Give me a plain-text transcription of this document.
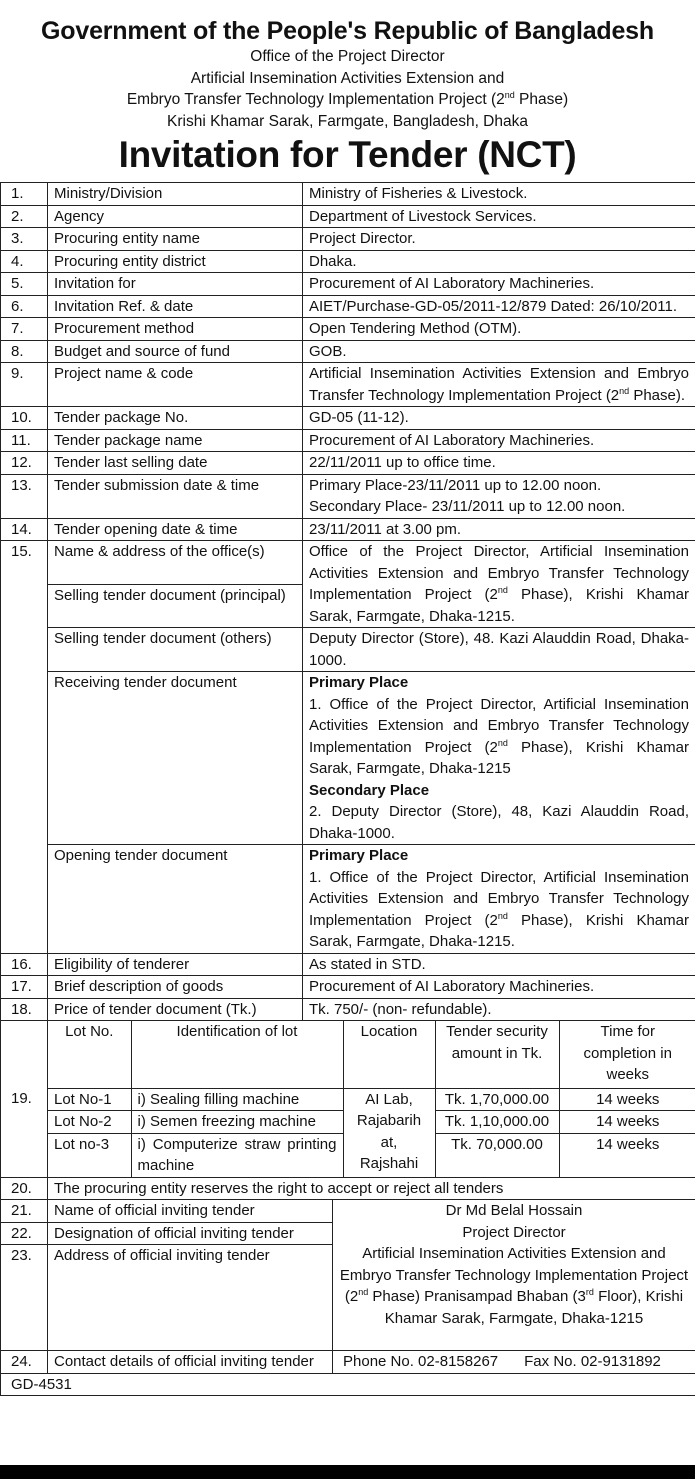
Government of the People's Republic of Bangladesh
Office of the Project Director
Artificial Insemination Activities Extension and
Embryo Transfer Technology Implementation Project (2nd Phase)
Krishi Khamar Sarak, Farmgate, Bangladesh, Dhaka
Invitation for Tender (NCT)
1.	Ministry/Division	Ministry of Fisheries & Livestock.
2.	Agency	Department of Livestock Services.
3.	Procuring entity name	Project Director.
4.	Procuring entity district	Dhaka.
5.	Invitation for	Procurement of AI Laboratory Machineries.
6.	Invitation Ref. & date	AIET/Purchase-GD-05/2011-12/879 Dated: 26/10/2011.
7.	Procurement method	Open Tendering Method (OTM).
8.	Budget and source of fund	GOB.
9.	Project name & code	Artificial Insemination Activities Extension and Embryo Transfer Technology Implementation Project (2nd Phase).
10.	Tender package No.	GD-05 (11-12).
11.	Tender package name	Procurement of AI Laboratory Machineries.
12.	Tender last selling date	22/11/2011 up to office time.
13.	Tender submission date & time	Primary Place-23/11/2011 up to 12.00 noon.
Secondary Place- 23/11/2011 up to 12.00 noon.

14.	Tender opening date & time	23/11/2011 at 3.00 pm.
15.	Name & address of the office(s)	Office of the Project Director, Artificial Insemination Activities Extension and Embryo Transfer Technology Implementation Project (2nd Phase), Krishi Khamar Sarak, Farmgate, Dhaka-1215.
Selling tender document (principal)
Selling tender document (others)	Deputy Director (Store), 48. Kazi Alauddin Road, Dhaka-1000.
Receiving tender document	Primary Place
1. Office of the Project Director, Artificial Insemination Activities Extension and Embryo Transfer Technology Implementation Project (2nd Phase), Krishi Khamar Sarak, Farmgate, Dhaka-1215
Secondary Place
2. Deputy Director (Store), 48, Kazi Alauddin Road, Dhaka-1000.

Opening tender document	Primary Place
1. Office of the Project Director, Artificial Insemination Activities Extension and Embryo Transfer Technology Implementation Project (2nd Phase), Krishi Khamar Sarak, Farmgate, Dhaka-1215.

16.	Eligibility of tenderer	As stated in STD.
17.	Brief description of goods	Procurement of AI Laboratory Machineries.
18.	Price of tender document (Tk.)	Tk. 750/- (non- refundable).
19.	
Lot No.	Identification of lot	Location	Tender security amount in Tk.	Time for completion in weeks
Lot No-1	i) Sealing filling machine	AI Lab, Rajabarih at, Rajshahi	Tk. 1,70,000.00	14 weeks
Lot No-2	i) Semen freezing machine	Tk. 1,10,000.00	14 weeks
Lot no-3	i) Computerize straw printing machine	Tk. 70,000.00	14 weeks

20.	The procuring entity reserves the right to accept or reject all tenders
21.	Name of official inviting tender	Dr Md Belal Hossain
Project Director
Artificial Insemination Activities Extension and Embryo Transfer Technology Implementation Project (2nd Phase) Pranisampad Bhaban (3rd Floor), Krishi Khamar Sarak, Farmgate, Dhaka-1215

22.	Designation of official inviting tender	
23.	Address of official inviting tender	
24.	Contact details of official inviting tender	Phone No. 02-8158267 Fax No. 02-9131892
GD-4531		
